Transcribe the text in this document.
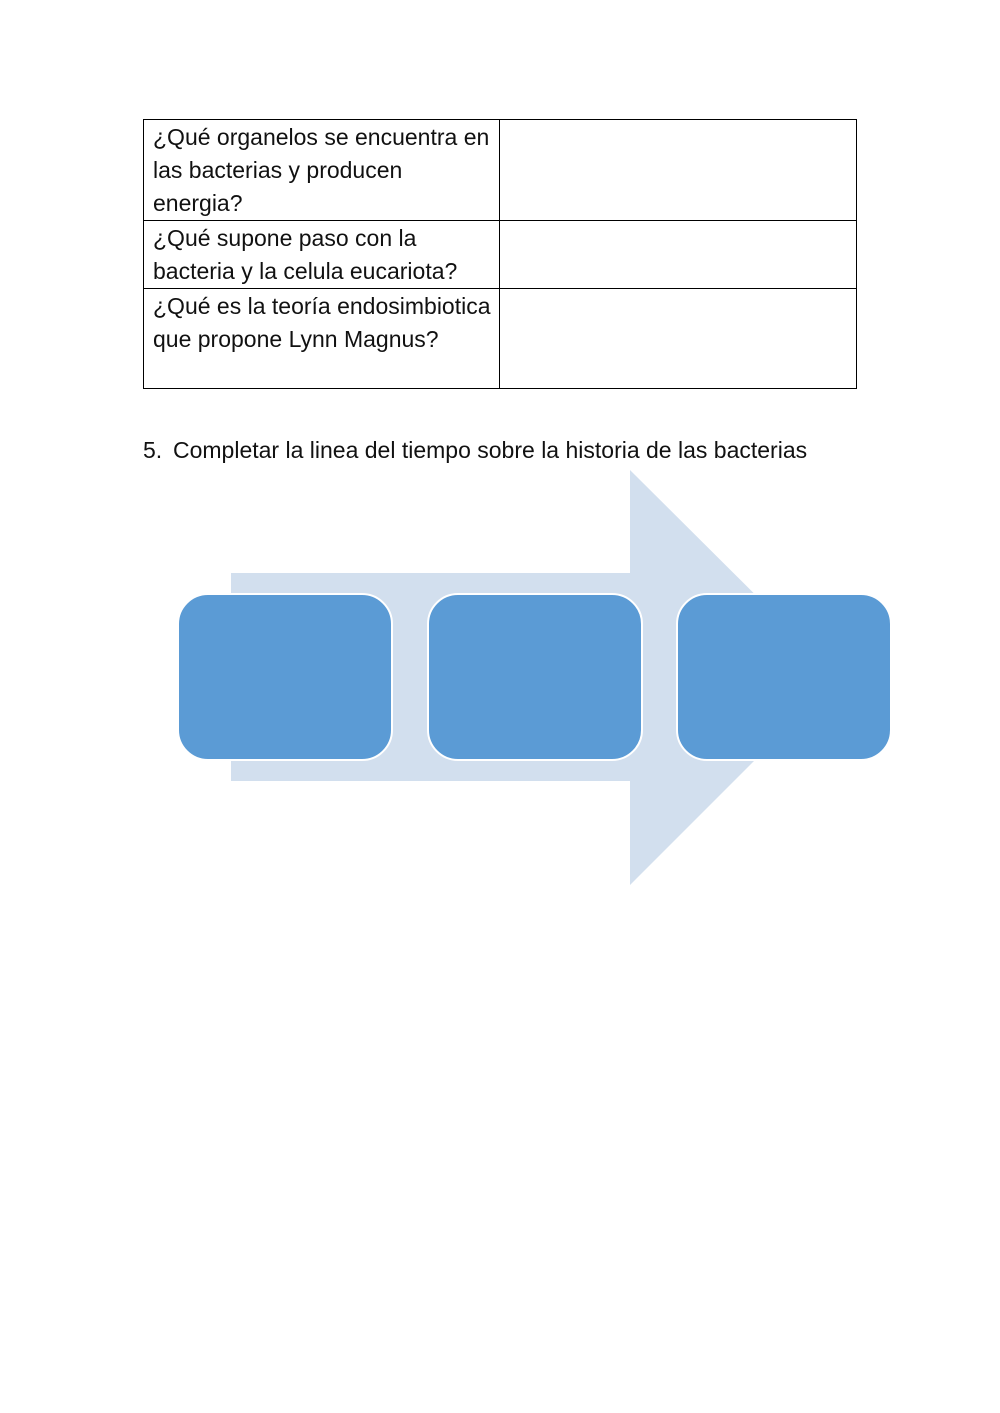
¿Qué organelos se encuentra en las bacterias y producen energia?	
¿Qué supone paso con la bacteria y la celula eucariota?	
¿Qué es la teoría endosimbiotica que propone Lynn Magnus?	
5. Completar la linea del tiempo sobre la historia de las bacterias
